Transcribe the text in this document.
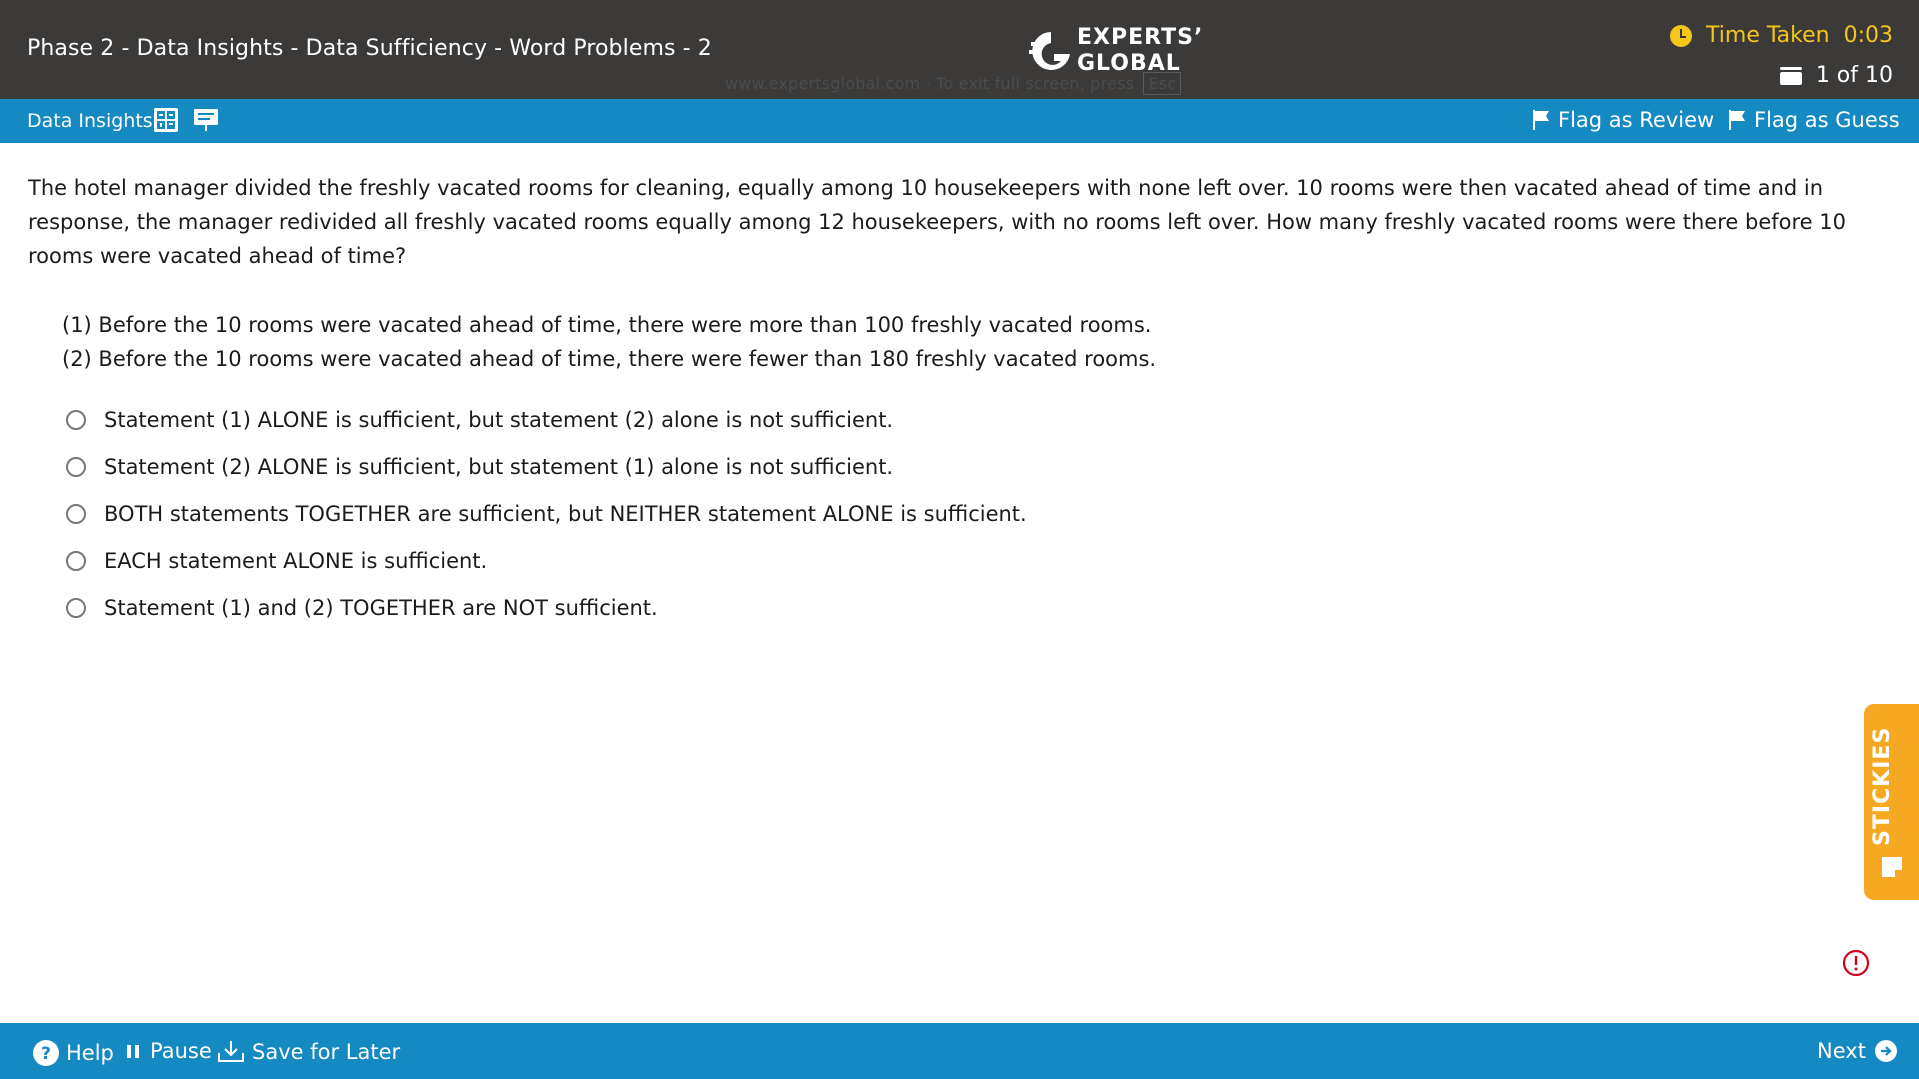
Phase 2 - Data Insights - Data Sufficiency - Word Problems - 2
www.expertsglobal.com · To exit full screen, press Esc
EXPERTS’
GLOBAL
Time Taken 0:03
1 of 10
Data Insights	Flag as Review Flag as Guess
The hotel manager divided the freshly vacated rooms for cleaning, equally among 10 housekeepers with none left over. 10 rooms were then vacated ahead of time and in response, the manager redivided all freshly vacated rooms equally among 12 housekeepers, with no rooms left over. How many freshly vacated rooms were there before 10 rooms were vacated ahead of time?
(1) Before the 10 rooms were vacated ahead of time, there were more than 100 freshly vacated rooms.
(2) Before the 10 rooms were vacated ahead of time, there were fewer than 180 freshly vacated rooms.
Statement (1) ALONE is sufficient, but statement (2) alone is not sufficient.
Statement (2) ALONE is sufficient, but statement (1) alone is not sufficient.
BOTH statements TOGETHER are sufficient, but NEITHER statement ALONE is sufficient.
EACH statement ALONE is sufficient.
Statement (1) and (2) TOGETHER are NOT sufficient.
STICKIES
? Help Pause Save for Later	Next
